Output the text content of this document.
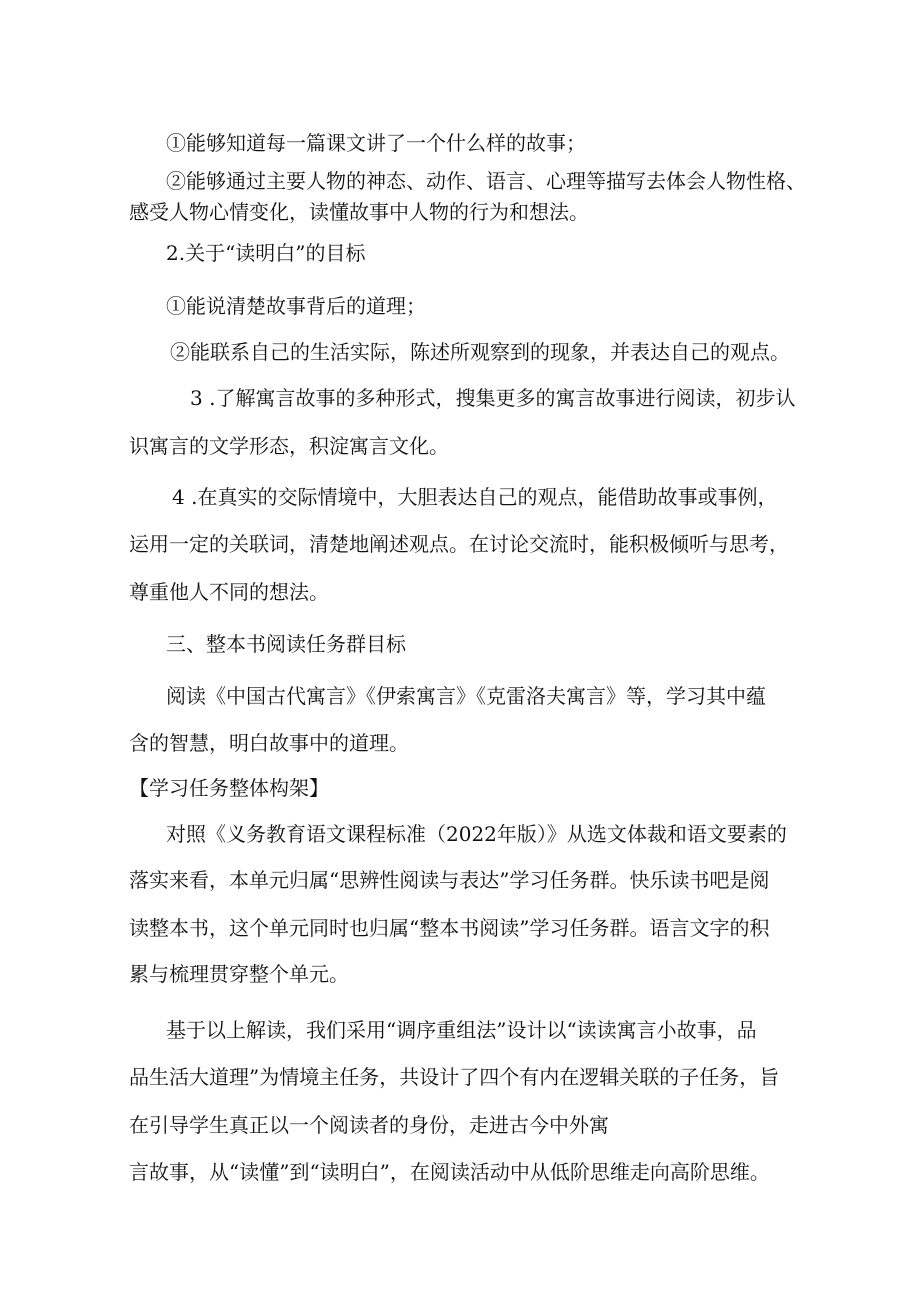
①能够知道每一篇课文讲了一个什么样的故事；
②能够通过主要人物的神态、动作、语言、心理等描写去体会人物性格、
感受人物心情变化，读懂故事中人物的行为和想法。
2.关于“读明白”的目标
①能说清楚故事背后的道理；
②能联系自己的生活实际，陈述所观察到的现象，并表达自己的观点。
3 .了解寓言故事的多种形式，搜集更多的寓言故事进行阅读，初步认
识寓言的文学形态，积淀寓言文化。
4 .在真实的交际情境中，大胆表达自己的观点，能借助故事或事例，
运用一定的关联词，清楚地阐述观点。在讨论交流时，能积极倾听与思考，
尊重他人不同的想法。
三、整本书阅读任务群目标
阅读《中国古代寓言》《伊索寓言》《克雷洛夫寓言》等，学习其中蕴
含的智慧，明白故事中的道理。
【学习任务整体构架】
对照《义务教育语文课程标准（2022年版）》从选文体裁和语文要素的
落实来看，本单元归属“思辨性阅读与表达”学习任务群。快乐读书吧是阅
读整本书，这个单元同时也归属“整本书阅读”学习任务群。语言文字的积
累与梳理贯穿整个单元。
基于以上解读，我们采用“调序重组法”设计以“读读寓言小故事，品
品生活大道理”为情境主任务，共设计了四个有内在逻辑关联的子任务，旨
在引导学生真正以一个阅读者的身份，走进古今中外寓
言故事，从“读懂”到“读明白”，在阅读活动中从低阶思维走向高阶思维。
